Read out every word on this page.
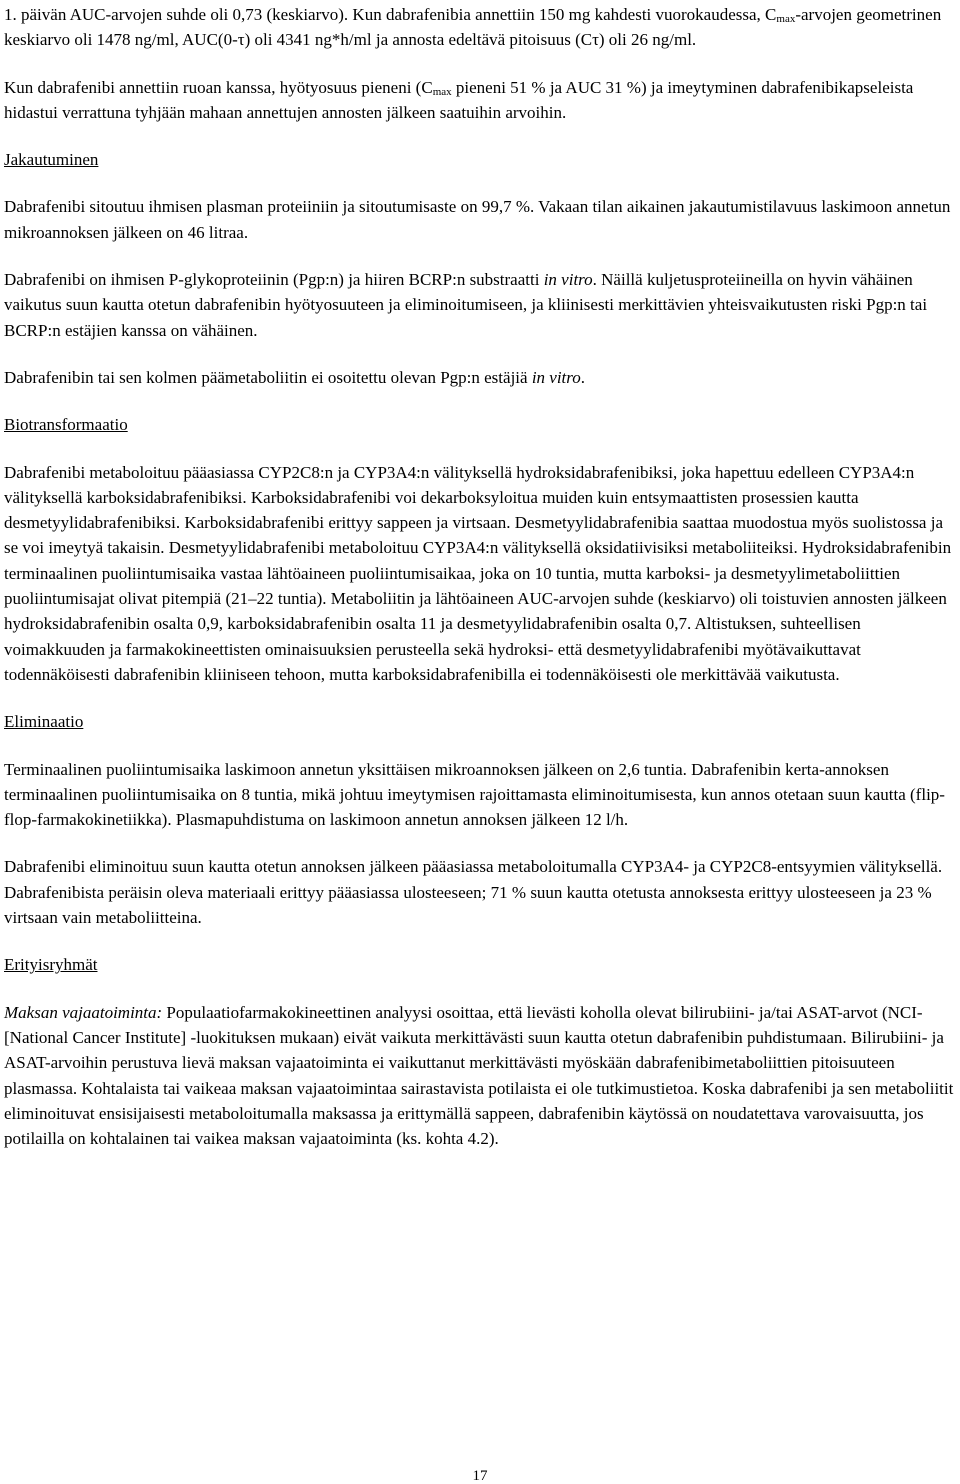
1. päivän AUC-arvojen suhde oli 0,73 (keskiarvo). Kun dabrafenibia annettiin 150 mg kahdesti vuorokaudessa, $C_{max}$-arvojen geometrinen keskiarvo oli 1478 ng/ml, AUC(0-τ) oli 4341 ng*h/ml ja annosta edeltävä pitoisuus (Cτ) oli 26 ng/ml.

Kun dabrafenibi annettiin ruoan kanssa, hyötyosuus pieneni ($C_{max}$ pieneni 51 % ja AUC 31 %) ja imeytyminen dabrafenibikapseleista hidastui verrattuna tyhjään mahaan annettujen annosten jälkeen saatuihin arvoihin.

Jakautuminen

Dabrafenibi sitoutuu ihmisen plasman proteiiniin ja sitoutumisaste on 99,7 %. Vakaan tilan aikainen jakautumistilavuus laskimoon annetun mikroannoksen jälkeen on 46 litraa.

Dabrafenibi on ihmisen P-glykoproteiinin (Pgp:n) ja hiiren BCRP:n substraatti in vitro. Näillä kuljetusproteiineilla on hyvin vähäinen vaikutus suun kautta otetun dabrafenibin hyötyosuuteen ja eliminoitumiseen, ja kliinisesti merkittävien yhteisvaikutusten riski Pgp:n tai BCRP:n estäjien kanssa on vähäinen.

Dabrafenibin tai sen kolmen päämetaboliitin ei osoitettu olevan Pgp:n estäjiä in vitro.

Biotransformaatio

Dabrafenibi metaboloituu pääasiassa CYP2C8:n ja CYP3A4:n välityksellä hydroksidabrafenibiksi, joka hapettuu edelleen CYP3A4:n välityksellä karboksidabrafenibiksi. Karboksidabrafenibi voi dekarboksyloitua muiden kuin entsymaattisten prosessien kautta desmetyylidabrafenibiksi. Karboksidabrafenibi erittyy sappeen ja virtsaan. Desmetyylidabrafenibia saattaa muodostua myös suolistossa ja se voi imeytyä takaisin. Desmetyylidabrafenibi metaboloituu CYP3A4:n välityksellä oksidatiivisiksi metaboliiteiksi. Hydroksidabrafenibin terminaalinen puoliintumisaika vastaa lähtöaineen puoliintumisaikaa, joka on 10 tuntia, mutta karboksi- ja desmetyylimetaboliittien puoliintumisajat olivat pitempiä (21–22 tuntia). Metaboliitin ja lähtöaineen AUC-arvojen suhde (keskiarvo) oli toistuvien annosten jälkeen hydroksidabrafenibin osalta 0,9, karboksidabrafenibin osalta 11 ja desmetyylidabrafenibin osalta 0,7. Altistuksen, suhteellisen voimakkuuden ja farmakokineettisten ominaisuuksien perusteella sekä hydroksi- että desmetyylidabrafenibi myötävaikuttavat todennäköisesti dabrafenibin kliiniseen tehoon, mutta karboksidabrafenibilla ei todennäköisesti ole merkittävää vaikutusta.

Eliminaatio

Terminaalinen puoliintumisaika laskimoon annetun yksittäisen mikroannoksen jälkeen on 2,6 tuntia. Dabrafenibin kerta-annoksen terminaalinen puoliintumisaika on 8 tuntia, mikä johtuu imeytymisen rajoittamasta eliminoitumisesta, kun annos otetaan suun kautta (flip-flop-farmakokinetiikka). Plasmapuhdistuma on laskimoon annetun annoksen jälkeen 12 l/h.

Dabrafenibi eliminoituu suun kautta otetun annoksen jälkeen pääasiassa metaboloitumalla CYP3A4- ja CYP2C8-entsyymien välityksellä. Dabrafenibista peräisin oleva materiaali erittyy pääasiassa ulosteeseen; 71 % suun kautta otetusta annoksesta erittyy ulosteeseen ja 23 % virtsaan vain metaboliitteina.

Erityisryhmät

Maksan vajaatoiminta: Populaatiofarmakokineettinen analyysi osoittaa, että lievästi koholla olevat bilirubiini- ja/tai ASAT-arvot (NCI- [National Cancer Institute] -luokituksen mukaan) eivät vaikuta merkittävästi suun kautta otetun dabrafenibin puhdistumaan. Bilirubiini- ja ASAT-arvoihin perustuva lievä maksan vajaatoiminta ei vaikuttanut merkittävästi myöskään dabrafenibimetaboliittien pitoisuuteen plasmassa. Kohtalaista tai vaikeaa maksan vajaatoimintaa sairastavista potilaista ei ole tutkimustietoa. Koska dabrafenibi ja sen metaboliitit eliminoituvat ensisijaisesti metaboloitumalla maksassa ja erittymällä sappeen, dabrafenibin käytössä on noudatettava varovaisuutta, jos potilailla on kohtalainen tai vaikea maksan vajaatoiminta (ks. kohta 4.2).

17
